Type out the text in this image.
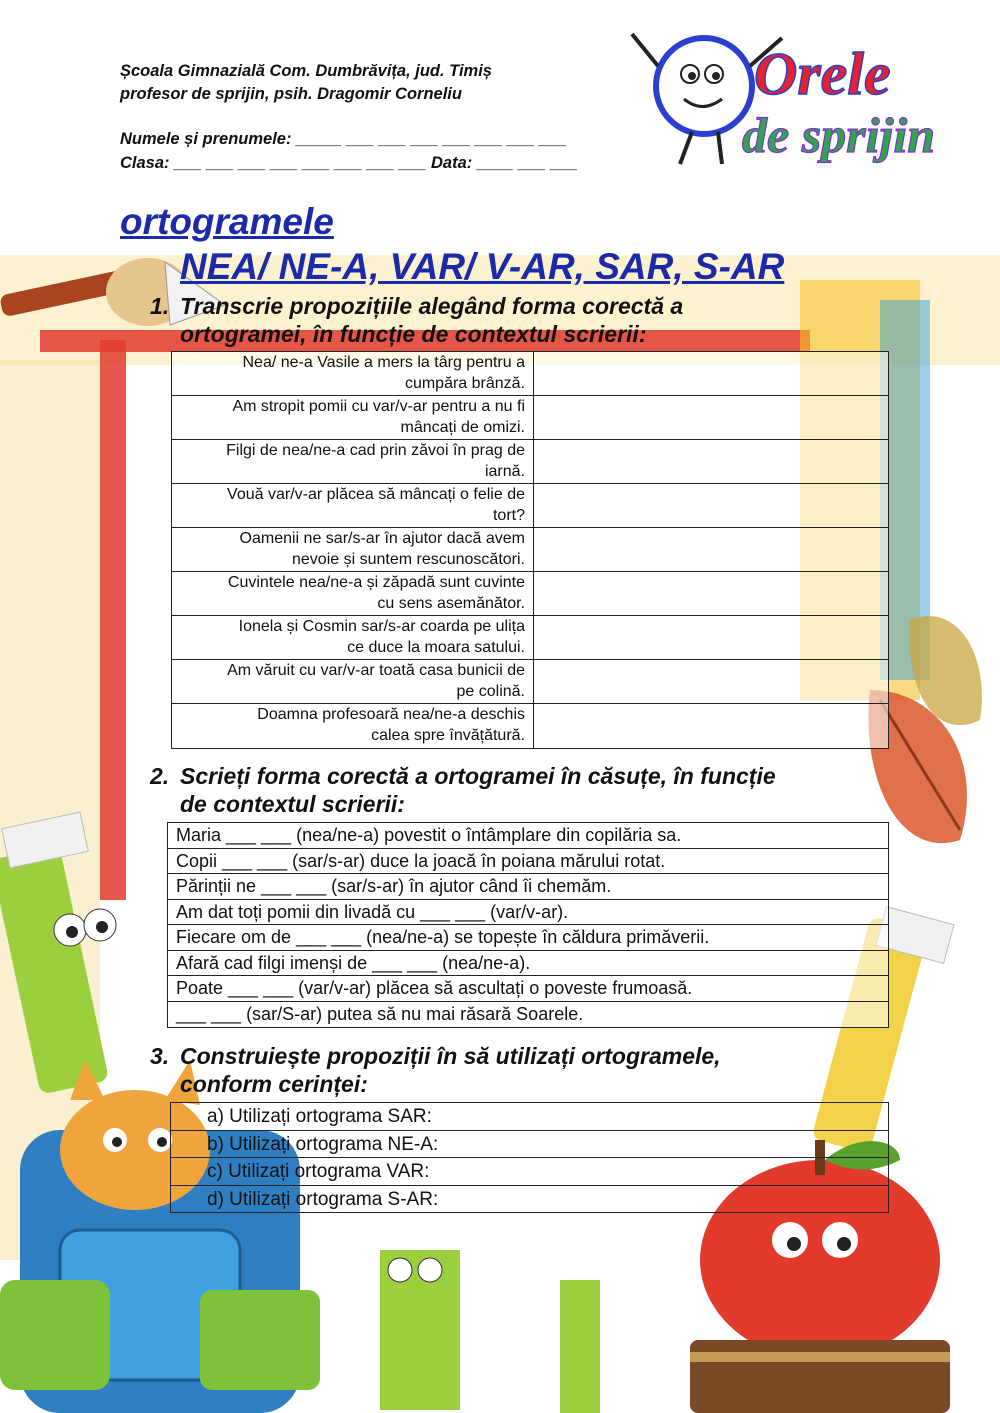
Școala Gimnazială Com. Dumbrăvița, jud. Timiș
profesor de sprijin, psih. Dragomir Corneliu
Numele și prenumele: _____ ___ ___ ___ ___ ___ ___ ___
Clasa: ___ ___ ___ ___ ___ ___ ___ ___ Data: ____ ___ ___
Orele
de sprijin
ortogramele
NEA/ NE-A, VAR/ V-AR, SAR, S-AR
1. Transcrie propozițiile alegând forma corectă a
ortogramei, în funcție de contextul scrierii:
Nea/ ne-a Vasile a mers la târg pentru a
cumpăra brânză.
Am stropit pomii cu var/v-ar pentru a nu fi
mâncați de omizi.
Filgi de nea/ne-a cad prin zăvoi în prag de
iarnă.
Vouă var/v-ar plăcea să mâncați o felie de
tort?
Oamenii ne sar/s-ar în ajutor dacă avem
nevoie și suntem rescunoscători.
Cuvintele nea/ne-a și zăpadă sunt cuvinte
cu sens asemănător.
Ionela și Cosmin sar/s-ar coarda pe ulița
ce duce la moara satului.
Am văruit cu var/v-ar toată casa bunicii de
pe colină.
Doamna profesoară nea/ne-a deschis
calea spre învățătură.
2. Scrieți forma corectă a ortogramei în căsuțe, în funcție
de contextul scrierii:
Maria ___ ___ (nea/ne-a) povestit o întâmplare din copilăria sa.
Copii ___ ___ (sar/s-ar) duce la joacă în poiana mărului rotat.
Părinții ne ___ ___ (sar/s-ar) în ajutor când îi chemăm.
Am dat toți pomii din livadă cu ___ ___ (var/v-ar).
Fiecare om de ___ ___ (nea/ne-a) se topește în căldura primăverii.
Afară cad filgi imenși de ___ ___ (nea/ne-a).
Poate ___ ___ (var/v-ar) plăcea să ascultați o poveste frumoasă.
___ ___ (sar/S-ar) putea să nu mai răsară Soarele.
3. Construiește propoziții în să utilizați ortogramele,
conform cerinței:
a) Utilizați ortograma SAR:
b) Utilizați ortograma NE-A:
c) Utilizați ortograma VAR:
d) Utilizați ortograma S-AR:
